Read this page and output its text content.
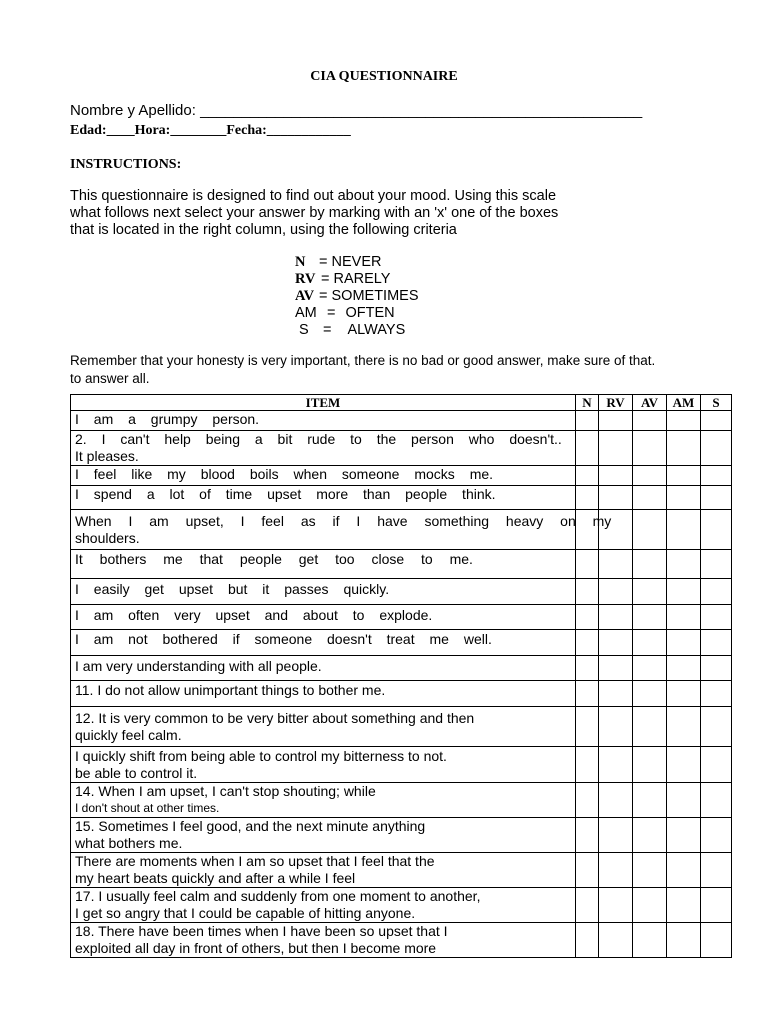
CIA QUESTIONNAIRE
Nombre y Apellido: _____________________________________________________
Edad:____Hora:________Fecha:____________
INSTRUCTIONS:
This questionnaire is designed to find out about your mood. Using this scale
what follows next select your answer by marking with an 'x' one of the boxes
that is located in the right column, using the following criteria
N = NEVER
RV = RARELY
AV = SOMETIMES
AM = OFTEN
S = ALWAYS
Remember that your honesty is very important, there is no bad or good answer, make sure of that.
to answer all.
ITEM	N	RV	AV	AM	S
I am a grumpy person.					

2. I can't help being a bit rude to the person who doesn't..
It pleases.					

I feel like my blood boils when someone mocks me.					
I spend a lot of time upset more than people think.					

When I am upset, I feel as if I have something heavy on my
shoulders.					

It bothers me that people get too close to me.					
I easily get upset but it passes quickly.					
I am often very upset and about to explode.					
I am not bothered if someone doesn't treat me well.					
I am very understanding with all people.					
11. I do not allow unimportant things to bother me.					

12. It is very common to be very bitter about something and then
quickly feel calm.					

I quickly shift from being able to control my bitterness to not.
be able to control it.					

14. When I am upset, I can't stop shouting; while
I don't shout at other times.					

15. Sometimes I feel good, and the next minute anything
what bothers me.					

There are moments when I am so upset that I feel that the
my heart beats quickly and after a while I feel					

17. I usually feel calm and suddenly from one moment to another,
I get so angry that I could be capable of hitting anyone.					

18. There have been times when I have been so upset that I
exploited all day in front of others, but then I become more					
